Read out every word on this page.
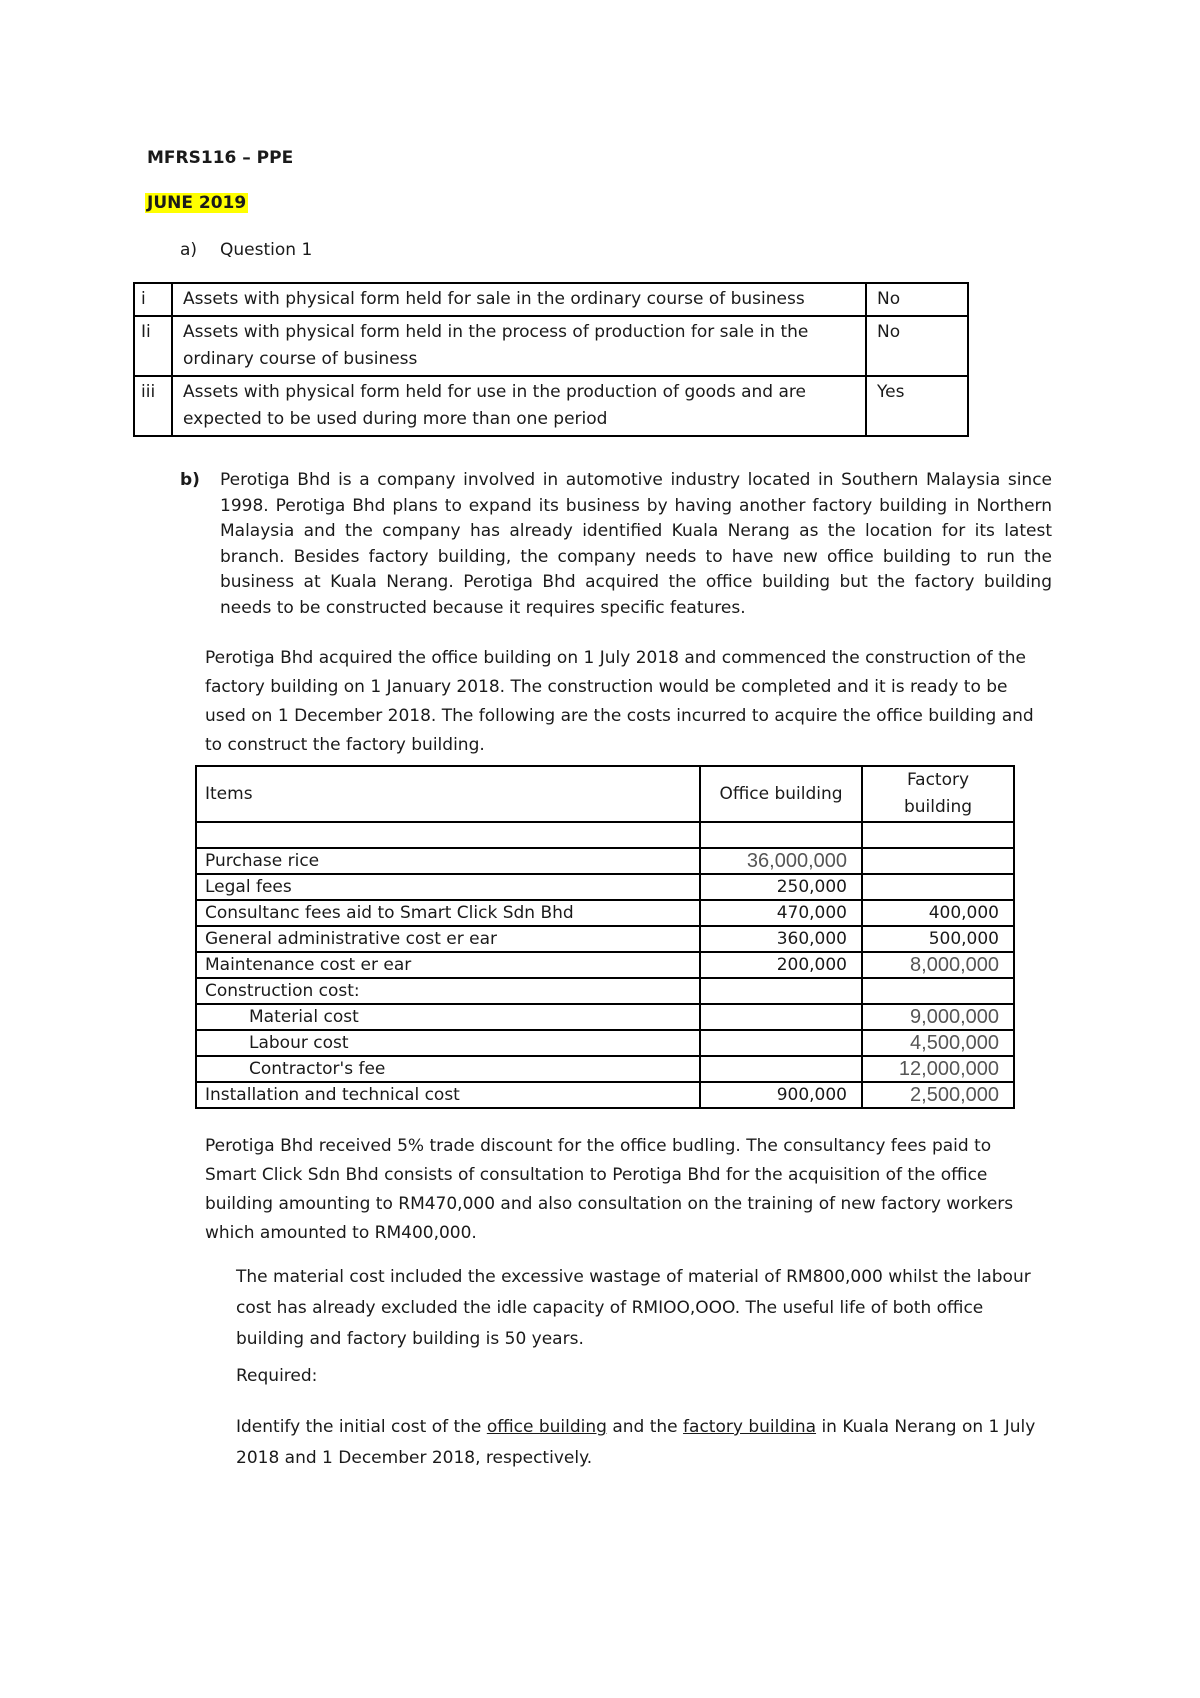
MFRS116 – PPE
JUNE 2019
a) Question 1
i	Assets with physical form held for sale in the ordinary course of business	No
Ii	Assets with physical form held in the process of production for sale in the ordinary course of business	No
iii	Assets with physical form held for use in the production of goods and are expected to be used during more than one period	Yes
b) Perotiga Bhd is a company involved in automotive industry located in Southern Malaysia since 1998. Perotiga Bhd plans to expand its business by having another factory building in Northern Malaysia and the company has already identified Kuala Nerang as the location for its latest branch. Besides factory building, the company needs to have new office building to run the business at Kuala Nerang. Perotiga Bhd acquired the office building but the factory building needs to be constructed because it requires specific features.
Perotiga Bhd acquired the office building on 1 July 2018 and commenced the construction of the factory building on 1 January 2018. The construction would be completed and it is ready to be used on 1 December 2018. The following are the costs incurred to acquire the office building and to construct the factory building.
Items	Office building	Factory building

Purchase rice	36,000,000	
Legal fees	250,000	
Consultanc fees aid to Smart Click Sdn Bhd	470,000	400,000
General administrative cost er ear	360,000	500,000
Maintenance cost er ear	200,000	8,000,000
Construction cost:		
Material cost		9,000,000
Labour cost		4,500,000
Contractor's fee		12,000,000
Installation and technical cost	900,000	2,500,000
Perotiga Bhd received 5% trade discount for the office budling. The consultancy fees paid to Smart Click Sdn Bhd consists of consultation to Perotiga Bhd for the acquisition of the office building amounting to RM470,000 and also consultation on the training of new factory workers which amounted to RM400,000.
The material cost included the excessive wastage of material of RM800,000 whilst the labour cost has already excluded the idle capacity of RMIOO,OOO. The useful life of both office building and factory building is 50 years.
Required:
Identify the initial cost of the office building and the factory buildina in Kuala Nerang on 1 July 2018 and 1 December 2018, respectively.
